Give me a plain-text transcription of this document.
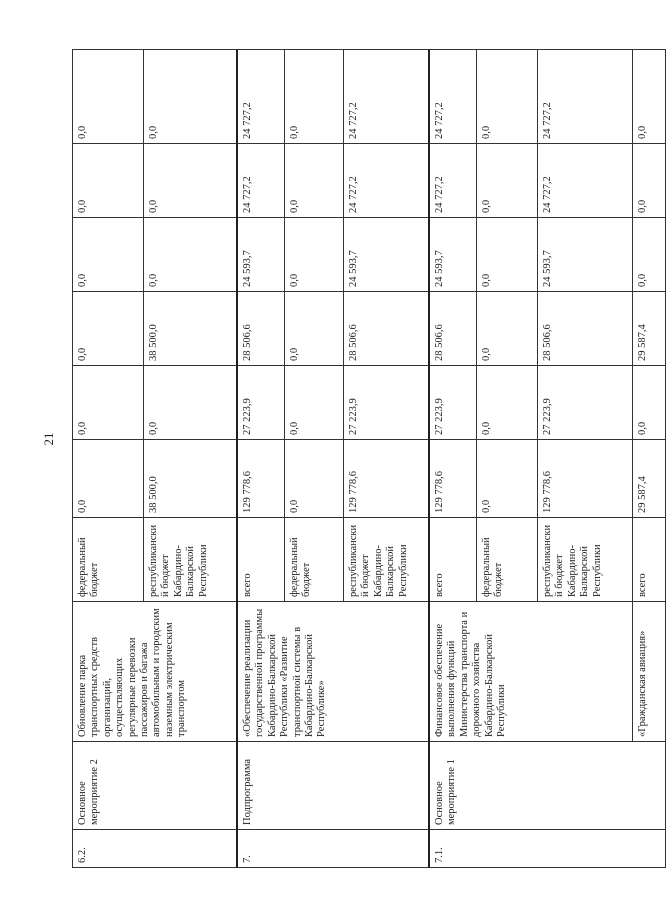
21
6.2.	Основное мероприятие 2	Обновление парка транспортных средств организаций, осуществляющих регулярные перевозки пассажиров и багажа автомобильным и городским наземным электрическим транспортом	федеральный бюджет	0,0	0,0	0,0	0,0	0,0	0,0
			республиканский бюджет Кабардино-Балкарской Республики	38 500,0	0,0	38 500,0	0,0	0,0	0,0
7.	Подпрограмма	«Обеспечение реализации государственной программы Кабардино-Балкарской Республики «Развитие транспортной системы в Кабардино-Балкарской Республике»	всего	129 778,6	27 223,9	28 506,6	24 593,7	24 727,2	24 727,2
			федеральный бюджет	0,0	0,0	0,0	0,0	0,0	0,0
			республиканский бюджет Кабардино-Балкарской Республики	129 778,6	27 223,9	28 506,6	24 593,7	24 727,2	24 727,2
7.1.	Основное мероприятие 1	Финансовое обеспечение выполнения функций Министерства транспорта и дорожного хозяйства Кабардино-Балкарской Республики	всего	129 778,6	27 223,9	28 506,6	24 593,7	24 727,2	24 727,2
			федеральный бюджет	0,0	0,0	0,0	0,0	0,0	0,0
			республиканский бюджет Кабардино-Балкарской Республики	129 778,6	27 223,9	28 506,6	24 593,7	24 727,2	24 727,2
		«Гражданская авиация»	всего	29 587,4	0,0	29 587,4	0,0	0,0	0,0
